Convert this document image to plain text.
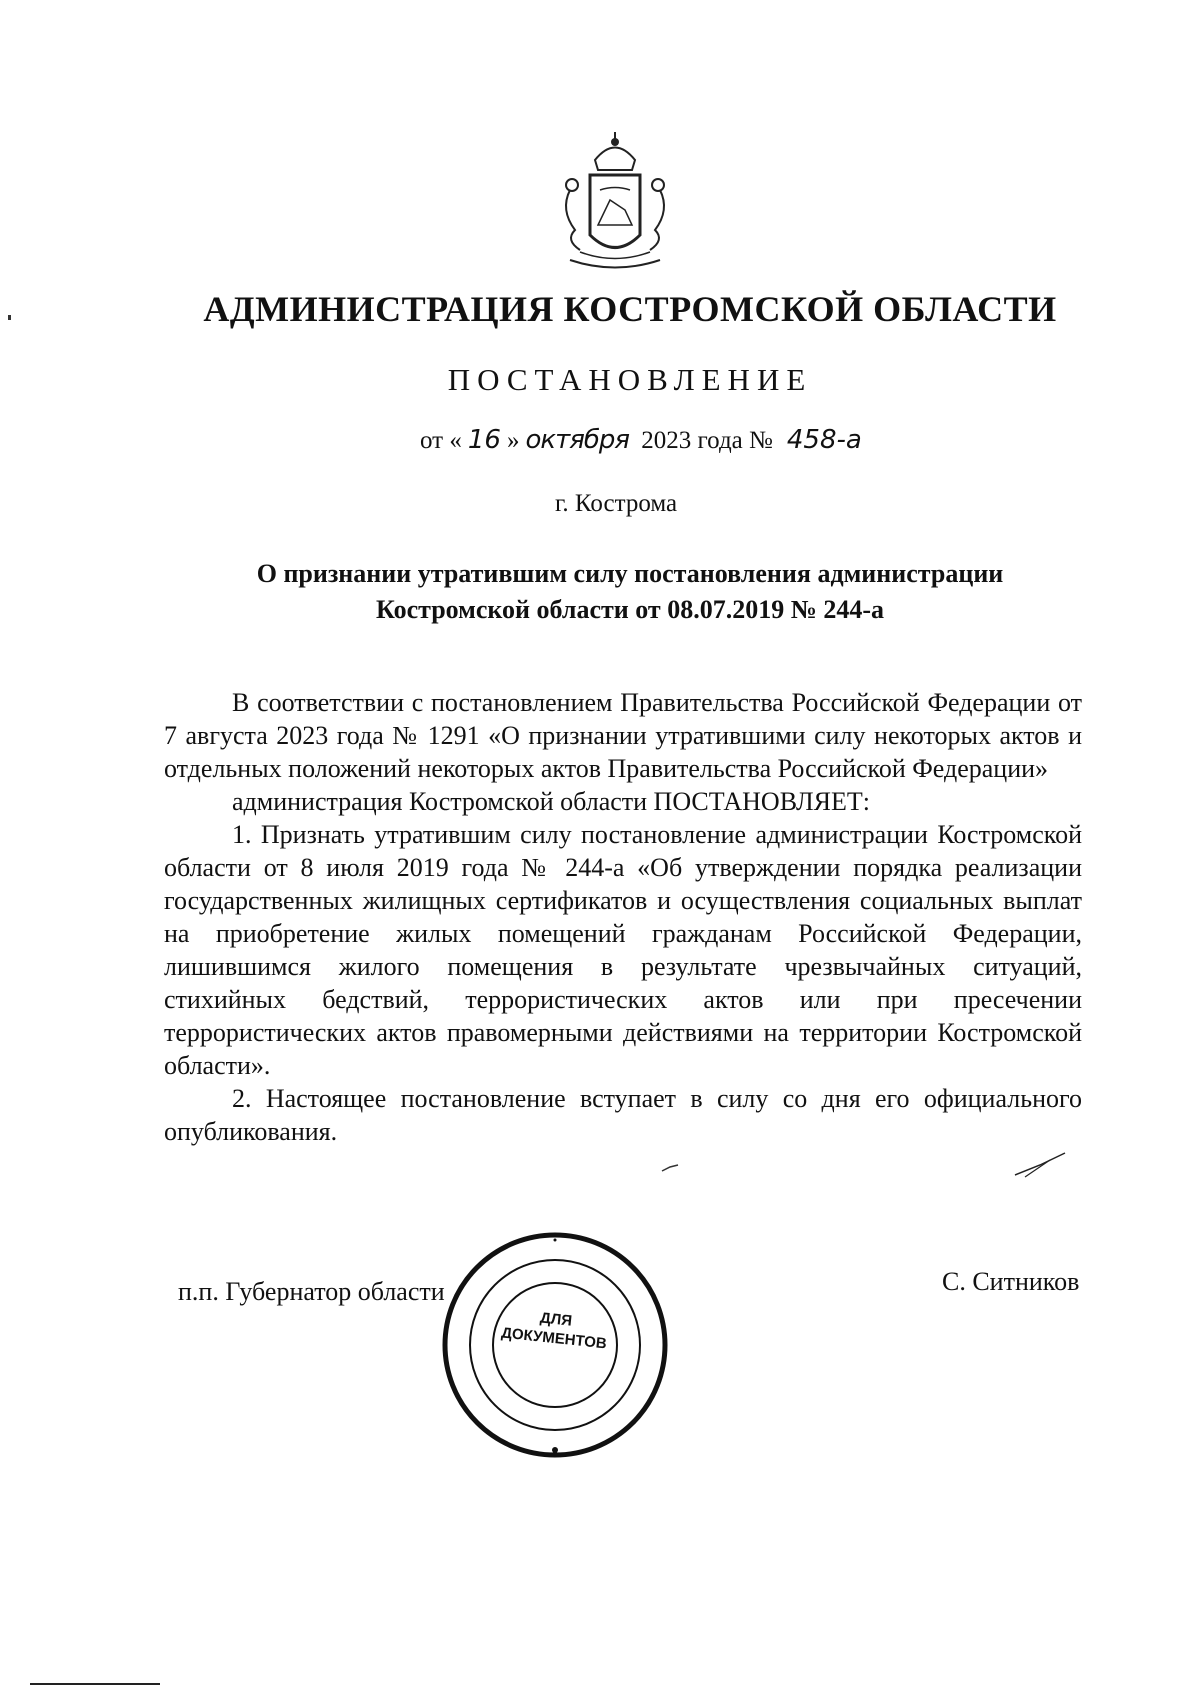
АДМИНИСТРАЦИЯ КОСТРОМСКОЙ ОБЛАСТИ
ПОСТАНОВЛЕНИЕ
от « 16 » октября 2023 года № 458-а
г. Кострома
О признании утратившим силу постановления администрации
Костромской области от 08.07.2019 № 244-а

В соответствии с постановлением Правительства Российской Федерации от 7 августа 2023 года № 1291 «О признании утратившими силу некоторых актов и отдельных положений некоторых актов Правительства Российской Федерации»

администрация Костромской области ПОСТАНОВЛЯЕТ:

1. Признать утратившим силу постановление администрации Костромской области от 8 июля 2019 года № 244-а «Об утверждении порядка реализации государственных жилищных сертификатов и осуществления социальных выплат на приобретение жилых помещений гражданам Российской Федерации, лишившимся жилого помещения в результате чрезвычайных ситуаций, стихийных бедствий, террористических актов или при пресечении террористических актов правомерными действиями на территории Костромской области».

2. Настоящее постановление вступает в силу со дня его официального опубликования.

п.п. Губернатор области
ДЛЯ ДОКУМЕНТОВ
С. Ситников
